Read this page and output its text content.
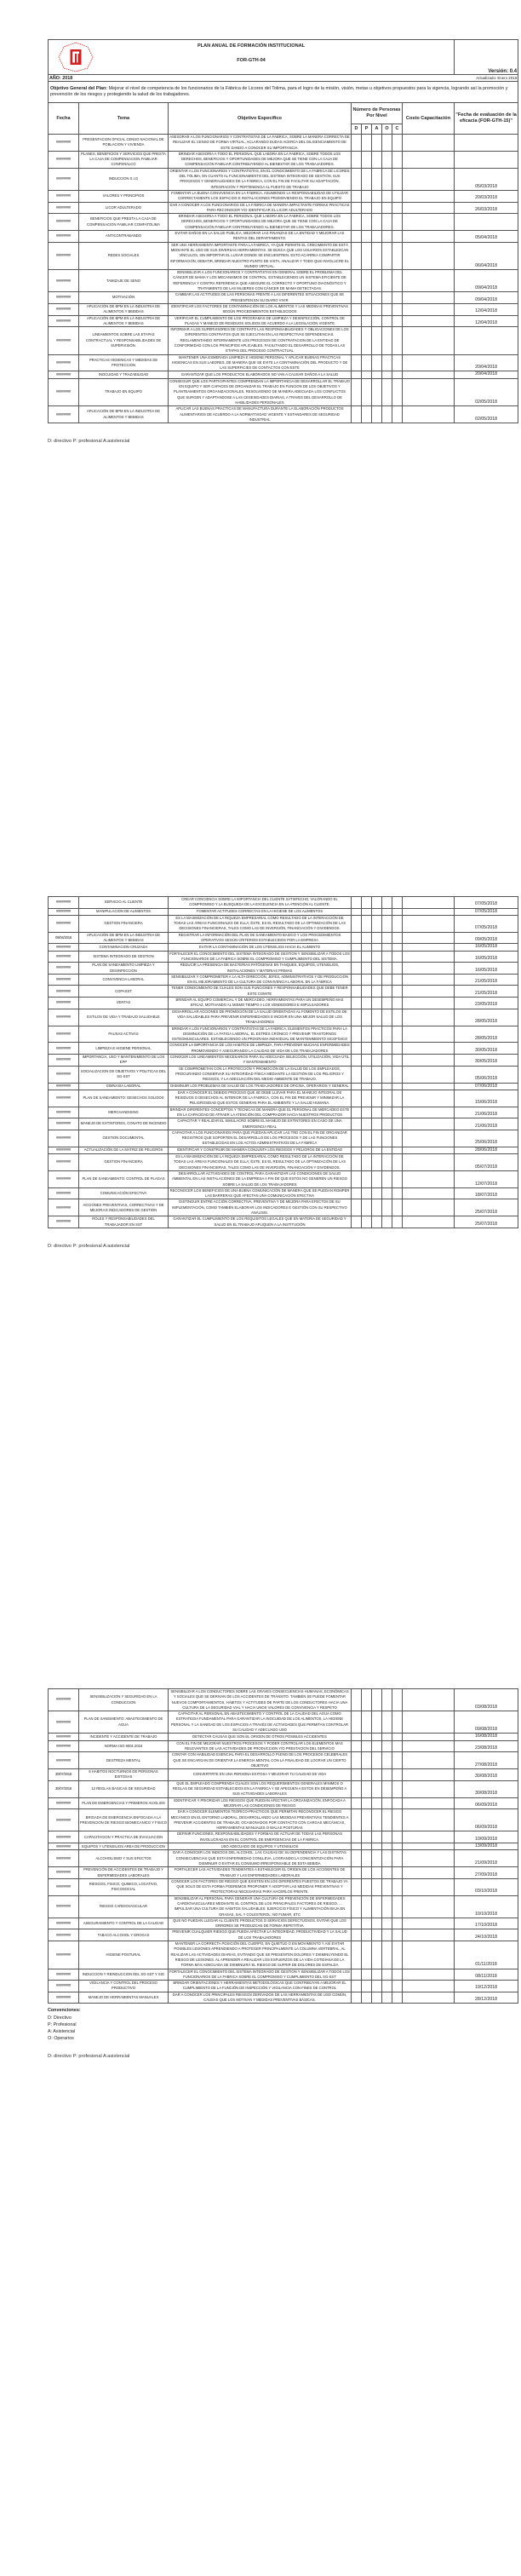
PLAN ANUAL DE FORMACIÓN INSTITUCIONAL
FOR-GTH-04									Versión: 0.4
AÑO: 2018 Actualizado: Enero 2018									

Objetivo General del Plan: Mejorar el nivel de competencia de los funcionarios de la Fábrica de Licores del Tolima, para el logro de la misión, visión, metas u objetivos propuestos para la vigencia, logrando así la promoción y prevención de los riesgos y protegiendo la salud de los trabajadores.									
Fecha	Tema	Objetivo Específico	Número de Personas Por Nivel					Costo Capacitación	"Fecha de evaluación de la eficacia (FOR-GTH-15)"
			D	P	A	O	C		
########	PRESENTACION OFICIAL CENSO NACIONAL DE POBLACION Y VIVIENDA	ASESORAR A LOS FUNCIONARIOS Y CONTRATISTAS DE LA FABRICA, SOBRE LA MANERA CORRECTA DE REALIZAR EL CENSO DE FORMA VIRTUAL, ACLARANDO DUDAS ACERCA DEL DILIGENCIAMIENTO DE ESTE DANDO A CONOCER SU IMPORTANCIA.							
########	PLANES, BENEFICIOS Y SERVICIOS QUE PRESTA LA CAJA DE COMPENSACION FAMILIAR CONFENALCO	BRINDAR ASESORIA A TODO EL PERSONAL QUE LABORA EN LA FABRICA, SOBRE TODOS LOS DERECHOS, BENEFICIOS Y OPORTUNIDADES DE MEJORA QUE SE TIENE CON LA CAJA DE COMPENSACIÓN FAMILIAR CONTRIBUYENDO AL BIENESTAR DE LOS TRABAJADORES.							
########	INDUCCION S.I.G	ORIENTAR A LOS FUNCIONARIOS Y CONTRATISTAS, EN EL CONOCIMIENTO DE LA FABRICA DE LICORES DEL TOLIMA, EN CUANTO AL FUNCIONAMIENTO DEL SISTEMA INTEGRADO DE GESTIÓN, SUS PROCESOS Y GENERALIDADES DE LA FÁBRICA, CON EL FIN DE FACILITAR SU ADAPTACIÓN, INTEGRACIÓN Y PERTENENCIA AL PUESTO DE TRABAJO							05/03/2018
########	VALORES Y PRINCIPIOS	FOMENTAR LA BUENA CONVIVENCIA EN LA FÁBRICA, ASUMIENDO LA RESPONSABILIDAD DE UTILIZAR CORRECTAMENTE LOS ESPACIOS E INSTALACIONES PROMOVIENDO EL TRABAJO EN EQUIPO							20/03/2018
########	LICOR ADULTERADO	DAR A CONOCER A LOS FUNCIONARIOS DE LA FÁBRICA DE MANERA IMPACTANTE FORMAS PRÁCTICAS PARA RECONOCER Y/O IDENTIFICAR EL LICOR ADULTERADO							26/03/2018
########	BENEFICIOS QUE PRESTA LA CAJA DE COMPENSACION FAMILIAR COMFATOLIMA	BRINDAR ASESORIA A TODO EL PERSONAL QUE LABORA EN LA FABRICA, SOBRE TODOS LOS DERECHOS, BENEFICIOS Y OPORTUNIDADES DE MEJORA QUE SE TIENE CON LA CAJA DE COMPENSACIÓN FAMILIAR CONTRIBUYENDO AL BIENESTAR DE LOS TRABAJADORES.							
########	ANTICONTRABANDO	EVITAR DAÑOS EN LA SALUD PUBLICA, MEJORAR LAS FINANZAS DE LA ENTIDAD Y MEJORAR LAS RENTAS DEL DEPARTAMENTO.							05/04/2018
########	REDES SOCIALES	SER UNA HERRAMIENTA IMPORTANTE PARA LA FABRICA, YA QUE PERMITE EL CRECIMIENTO DE ESTÁ MEDIANTE EL USO DE SUS DIVERSAS HERRAMIENTAS. SE BUSCA QUE LOS USUARIOS ESTABLEZCAN VÍNCULOS, SIN IMPORTAR EL LUGAR DONDE SE ENCUENTREN. ESTO ACARREA COMPARTIR INFORMACIÓN, DEBATIR, BRINDAR NUESTRO PUNTO DE VISTA, ANALIZAR Y TODO QUE INVOLUCRE EL MUNDO VIRTUAL.							06/04/2018
########	TAMIZAJE DE SENO	SENSIBILIZAR A LOS FUNCIONARIOS Y CONTRATISTAS EN GENERAL SOBRE EL PROBLEMA DEL CÁNCER DE MAMA Y LOS MECANISMOS DE CONTROL. ESTABLECIENDO UN SISTEMA EFICIENTE DE REFERENCIA Y CONTRA REFERENCIA QUE ASEGURE EL CORRECTO Y OPORTUNO DIAGNÓSTICO Y TRATAMIENTO DE LAS MUJERES CON CÁNCER DE MAMA DETECTADAS.							09/04/2018
########	MOTIVACIÓN	CAMBIAR LAS ACTITUDES DE LAS PERSONAS FRENTE A LAS DIFERENTES SITUACIONES QUE SE PRESENTEN EN SU DIARIO VIVIR							09/04/2018
########	APLICACIÓN DE BPM EN LA INDUSTRIA DE ALIMENTOS Y BEBIDAS	IDENTIFICAR LOS FACTORES DE CONTAMINACIÓN DE LOS ALIMENTOS Y LAS MEDIDAS PREVENTIVAS SEGÚN PROCEDIMIENTOS ESTABLECIDOS							12/04/2018
########	APLICACIÓN DE BPM EN LA INDUSTRIA DE ALIMENTOS Y BEBIDAS	VERIFICAR EL CUMPLIMIENTO DE LOS PROGRAMAS DE LIMPIEZA Y DESINFECCIÓN, CONTROL DE PLAGAS Y MANEJO DE RESIDUOS SOLIDOS DE ACUERDO A LA LEGISLACIÓN VIGENTE							12/04/2018
########	LINEAMIENTOS SOBRE LAS ETAPAS CONTRACTUAL Y RESPONSABILIDADES DE SUPERVISIÓN.	INFORMAR A LOS SUPERVISORES DE CONTRATO LAS RESPONSABILIDADES Y OBLIGACIONES DE LOS DIFERENTES CONTRATOS QUE SE EJECUTAN EN LAS RESPECTIVAS DEPENDENCIAS. REGLAMENTANDO INTERNAMENTE LOS PROCESOS DE CONTRATACION DE LA ENTIDAD DE CONFORMIDAD CON LOS PRINCIPIOS APLICABLES, FACILITANDO EL DESARROLLO DE TODAS LAS ETAPAS DEL PROCESO CONTRACTUAL							
########	PRACTICAS HIGIENICAS Y MEDIDAS DE PROTECCION	MANTENER UNA ESMERADA LIMPIEZA E HIGIENE PERSONAL Y APLICAR BUENAS PRACTICAS HIGIENICAS EN SUS LABORES, DE MANERA QUE SE EVITE LA CONTAMINACIÓN DEL PRODUCTO Y DE LAS SUPERFICIES DE CONTACTOS CON ESTE							20/04/2018
########	INOCUIDAD Y TRAZABILIDAD	GARANTIZAR QUE LOS PRODUCTOS ELABORADOS NO VAN A CAUSAR DAÑOS A LA SALUD							20/04/2018
########	TRABAJO EN EQUIPO	CONSEGUIR QUE LOS PARTICIPANTES COMPRENDAN LA IMPORTANCIA DE DESARROLLAR EL TRABAJO EN EQUIPO Y SER CAPACES DE ORGANIZAR EL TRABAJO EN FUNCION DE LOS OBJETIVOS Y PLANTEAMIENTOS ORGANIZACIONALES, RESOLVIENDO DE MANERA ADECUADA LOS CONFLICTOS QUE SURGEN Y ADAPTANDOSE A LAS CESESIDADES DIARIAS, A TRAVES DEL DESARROLLO DE HABILIDADES PERSONALES							02/05/2018
########	APLICACIÓN DE BPM EN LA INDUSTRIA DE ALIMENTOS Y BEBIDAS	APLICAR LAS BUENAS PRACTICAS DE MANUFACTURA DURANTE LA ELABORACIÓN PRODUCTOS ALIMENTARIOS DE ACUERDO A LA NORMATIVIDAD VIGENTE Y ESTANDARES DE SEGURIDAD INDUSTRIAL							02/05/2018
D: directivo P: profesional A:asistencial
########	SERVICIO AL CLIENTE	CREAR CONCIENCIA SOBRE LA IMPORTANCIA DEL CLIENTE SATISFECHO, VALORANDO EL COMPROMISO Y LA BUSQUEDA DE LA EXCELENCIA EN LA ATENCIÓN AL CLIENTE.							07/05/2018
########	MANIPULACION DE ALIMENTOS	FOMENTAR ACTITUDES CORRECTAS EN LA HIGIENE DE LOS ALIMENTOS							07/05/2018
########	GESTION FINANCIERA	ES LA MAXIMIZACIÓN DE LA RIQUEZA EMPRESARIAL COMO RESULTADO DE LA INTERACCIÓN DE TODAS LAS ÁREAS FUNCIONALES DE ELLA; ÉSTE, ES EL RESULTADO DE LA OPTIMIZACIÓN DE LAS DECISIONES FINANCIERAS, TALES COMO LAS DE INVERSIÓN, FINANCIACIÓN Y DIVIDENDOS.							07/05/2018
09/04/2018	APLICACIÓN DE BPM EN LA INDUSTRIA DE ALIMENTOS Y BEBIDAS	REGISTRAR LA INFORMACIÓN DEL PLAN DE SANEAMIENTO BASICO Y LOS PROCEDIMIENTOS OPERATIVOS SEGÚN CRITERIOS ESTABLECIDOS POR LA EMPRESA							09/05/2018
########	CONTAMINACION CRUZADA	EVITAR LA CONTAMINACIÓN DE LOS UTENSILIOS HACIA EL ALIMENTO							16/05/2018
########	SISTEMA INTEGRADO DE GESTION	FORTALECER EL CONOCIMIENTO DEL SISTEMA INTEGRADO DE GESTION Y SENSIBILIZAR A TODOS LOS FUNCIONARIOS DE LA FABRICA SOBRE EL COMPROMISO Y CUMPLIMIENTO DEL SISTEMA.							16/05/2018
########	PLAN DE SANEAMIENTO LIMPIEZA Y DESINFECCION	REDUCIR LA PRESENCIA DE BACTERIAS PATÓGENAS EN TANQUES, EQUIPOS, UTENSILIOS, INSTALACIONES Y MATERIAS PRIMAS							16/05/2018
########	CONVIVENCIA LABORAL	SENSIBILIZAR Y COMPROMETER A LA ALTA DIRECCIÓN, JEFES, ADMINISTRATIVOS Y DE PRODUCCION EN EL MEJORAMIENTO DE LA CULTURA DE CONVIVENCIA LABORAL EN LA FÁBRICA							21/05/2018
########	COPASST	TENER CONOCIMIENTO DE CUALES SON SUS FUNCIONES Y RESPONSABILIDADES QUE DEBE TENER ESTE COMITE							21/05/2018
########	VENTAS	BRINDAR AL EQUIPO COMERCIAL Y DE MERCADEO, HERRAMIENTAS PARA UN DESEMPEÑO MAS EFICAZ, MOTIVANDO AL MISMO TIEMPO A LOS VENDEDORES E IMPULSADORES							23/05/2018
########	ESTILOS DE VIDA Y TRABAJO SALUDABLE	DESARROLLAR ACCIONES DE PROMOCIÓN DE LA SALUD ORIENTADAS AL FOMENTO DE ESTILOS DE VIDA SALUDABLES PARA PREVENIR ENFERMEDADES E INCIDIR EN UNA MEJOR SALUD DE LOS TRABAJADORES							28/05/2018
########	PAUSAS ACTIVAS	BRINDAR A LOS FUNCIONARIOS Y CONTRATISTAS DE LA FABRICA, ELEMENTOS PRACTICOS PARA LA DISMINUCIÓN DE LA FATIGA LABORAL, EL ESTRÉS CRÓNICO Y PREVENIR TRASTORNOS OSTEOMUSCULARES. ESTABLECIENDO UN PROGRAMA INDIVIDUAL DE MANTENIMIENTO SICOFÍSICO							28/05/2018
########	LIMPIEZA E HIGIENE PERSONAL	CONOCER LA IMPORTANCIA DE LOS HABITOS DE LIMPIEZA, PARA PREVENIR MUCHAS ENFERMEDADES PROMOVIENDO Y ASEGURANDO LA CALIDAD DE VIDA DE LOS TRABAJADORES							30/05/2018
########	IMPORTANCIA, USO Y MANTENIMIENTO DE LOS EPP	CONOCER LOS LINEAMIENTOS NECESARIOS PARA SU ADECUADA SELECCIÓN, UTILIZACIÓN, VIDA ÚTIL Y MANTENIMIENTO							30/05/2018
########	SOCIALIZACION DE OBJETIVOS Y POLITICAS DEL SG-SST	SE COMPROMETAN CON LA PROTECCIÓN Y PROMOCIÓN DE LA SALUD DE LOS EMPLEADOS, PROCURANDO CONSERVAR SU INTEGRIDAD FÍSICA MEDIANTE LA GESTIÓN DE LOS PELIGROS Y RIESGOS, Y LA ADECUACIÓN DEL MEDIO AMBIENTE DE TRABAJO.							05/06/2018
########	GIMNASIA LABORAL	DISMINUIR LOS PROBLEMAS DE SALUD DE LOS TRABAJADORES DE OFICINA, OPERARIOS Y GENERAL							07/06/2018
########	PLAN DE SANEAMIENTO: DESECHOS SOLIDOS	DAR A CONOCER EL DEBIDO PROCESO QUE SE DEBE LLEVAR PARA EL MANEJO INTEGRAL DE RESIDUOS O DESECHOS AL INTERIOR DE LA FABRICA, CON EL FIN DE PREVENIR Y MINIMIZAR LA PELIGROSIDAD QUE ESTOS GENERAN PARA EL AMBIENTE Y LA SALUD HUMANA.							15/06/2018
########	MERCHANDISING	BRINDAR DIFERENTES CONCEPTOS Y TECNICAS DE MANERA QUE EL PERSONAL DE MERCADEO ESTE EN LA CAPACIDAD DE ATRAER LA ATENCIÓN DEL COMPRADOR HACIA NUESTROS PRODUCTOS							21/06/2018
########	MANEJO DE EXTINTORES, CONATO DE INCENDIO	CAPACITAR Y REALIZAR EL SIMULACRO SOBRE EL MANEJO DE EXTINTORES EN CASO DE UNA EMERGENCIA REAL							21/06/2018
########	GESTION DOCUMENTAL	CAPACITAR A LOS FUNCIONARIOS PARA QUE PUEDAN APLICAR LAS TRD CON EL FIN DE ORGANIZAR REGISTROS QUE SOPORTEN EL DESARROLLO DE LOS PROCESOS Y DE LAS FUNCIONES ESTABLECIDAS EN LOS ACTOS ADMINISTRATIVOS DE LA FÁBRICA							25/06/2018
########	ACTUALIZACIÓN DE LA MATRIZ DE PELIGROS	IDENTIFICAR Y CONSTRUIR DE MANERA CONJUNTA LOS RIESGOS Y PELIGROS DE LA ENTIDAD							28/06/2018
########	GESTION FINANCIERA	ES LA MAXIMIZACIÓN DE LA RIQUEZA EMPRESARIAL COMO RESULTADO DE LA INTERACCIÓN DE TODAS LAS ÁREAS FUNCIONALES DE ELLA; ÉSTE, ES EL RESULTADO DE LA OPTIMIZACIÓN DE LAS DECISIONES FINANCIERAS, TALES COMO LAS DE INVERSIÓN, FINANCIACIÓN Y DIVIDENDOS.							05/07/2018
########	PLAN DE SANEAMIENTO: CONTROL DE PLAGAS	DESARROLLAR ACTIVIDADES DE CONTROL PARA GARANTIZAR LAS CONDICIONES DE SALUD AMBIENTAL EN LAS INSTALACIONES DE LA EMPRESA A FIN DE QUE ESTOS NO GENEREN UN RIESGO SOBRE LA SALUD DE LOS TRABAJADORES							12/07/2018
########	COMUNICACIÓN EFECTIVA	RECONOCER LOS BENEFICIOS DE UNA BUENA COMUNICACIÓN DE MANERA QUE SE PUEDAN ROMPER LAS BARRERAS QUE AFECTAN UNA COMUNICACIÓN EFECTIVA							18/07/2018
########	ACCIONES PREVENTIVAS, CORRECTIVAS Y DE MEJORA E INDICADORES DE GESTION	DISTINGUIR ENTRE ACCIÓN CORRECTIVA, PREVENTIVA Y DE MEJORA PARA EFECTOS DE SU IMPLEMENTACIÓN, COMO TAMBIÉN ELABORAR LOS INDICADORES E GESTIÓN CON SU RESPECTIVO ANÁLISIS.							25/07/2018
########	ROLES Y RESPONSABILIDADES DEL TRABAJADOR EN SST	GARANTIZAR EL CUMPLIMIENTO DE LOS REQUISITOS LEGALES QUE EN MATERIA DE SEGURIDAD Y SALUD EN EL TRABAJO APLIQUEN A LA INSTITUCIÓN							25/07/2018
D: directivo P: profesional A:asistencial
########	SENSIBILIZACION Y SEGURIDAD EN LA CONDUCCION	SENSIBILIZAR A LOS CONDUCTORES SOBRE LAS GRAVES CONSECUENCIAS HUMANAS, ECONÓMICAS Y SOCIALES QUE SE DERIVAN DE LOS ACCIDENTES DE TRÁNSITO. TAMBIÉN SE PUEDE FOMENTAR NUEVOS COMPORTAMIENTOS, HÁBITOS Y ACTITUDES DE PARTE DE LOS CONDUCTORES HACIA UNA CULTURA DE LA SEGURIDAD VIAL Y HACIA UNOS VALORES DE CONVIVENCIA Y RESPETO							03/08/2018
########	PLAN DE SANEMIENTO: ABASTECIMIENTO DE AGUA	CAPACITAR AL PERSONAL EN ABASTECIMIENTO Y CONTROL DE LA CALIDAD DEL AGUA COMO ESTRATEGIA FUNDAMENTAL PARA GARANTIZAR LA INOCUIDAD DE LOS ALIMENTOS, LA HIGIENE PERSONAL Y LA SANIDAD DE LOS ESPACIOS A TRAVÉS DE ACTIVIDADES QUE PERMITAN CONTROLAR SU CALIDAD Y ADECUADO USO							09/08/2018
########	INCIDENTE Y ACCIDENTE DE TRABAJO	DETECTAR CAUSAS QUE SON EL ORIGEN DE OTROS POSIBLES ACCIDENTES							16/08/2018
########	NORMA ISO 9001:2015	CON EL FIN DE MEJORAR NUESTROS PROCESOS Y PODER CONTROLAR LOS ELEMENTOS MAS RELEVANTES DE LAS ACTIVIDADES DE PRODUCCION Y/O PRESTACION DEL SERVICIO							23/08/2018
########	DESTREZA MENTAL	CONTAR CON HABILIDAD ESENCIAL PARA EL DESARROLLO PLENO DE LOS PROCESOS CELEBRALES QUE SE ENCARGAN DE ORIENTAR LA ENERGIA MENTAL CON LA FINALIDAD DE LOGRAR UN CIERTO OBJETIVO							27/08/2018
30/07/2018	6 HABITOS NOCTURNOS DE PERSONAS EXITOSAS	CONVERTIRTE EN UNA PERSONA EXITOSA Y MEJORAR TU CALIDAD DE VIDA							30/08/2018
30/07/2018	12 REGLAS BASICAS DE SEGURIDAD	QUE EL EMPLEADO COMPRENDA CUALES SON LOS REQUERIMIENTOS GENERALES MINIMOS O REGLAS DE SEGURIDAD ESTABLECIDOS EN LA FABRICA Y SE APEGUEN A ESTOS EN DESEMPEÑO A SUS ACTIVIDADES LABORALES							30/08/2018
########	PLAN DE EMERGENCIAS Y PRIMEROS AUXILIOS	IDENTIFICAR Y PRIORIZAR LOS RIESGOS QUE PUEDAN AFECTAR LA ORGANIZACIÓN, ENFOCADA A MEJORAR LAS CONDICIONES DE RIESGO							06/09/2018
########	BRIGADA DE EMERGENCIA ENFOCADA A LA PREVENCION DE RIESGO BIOMECANICO Y FISICO	DAR A CONOCER ELEMENTOS TEORICO-PRACTICOS QUE PERMITAN RECONOCER EL RIESGO MECÁNICO EN EL ENTORNO LABORAL, DESARROLLANDO LAS MEDIDAS PREVENTIVAS TENDIENTES A PREVENIR ACCIDENTES DE TRABAJO, OCASIONADOS POR CONTACTO CON CARGAS MECÁNICAS, HERRAMIENTAS MANUALES O MALAS POSTURAS							06/09/2018
########	CAPACITACION Y PRACTICA DE EVACUACION	DEFINIR FUNCIONES, RESPONSABILIDADES Y FORMAS DE ACTUAR DE TODAS LAS PERSONAS INVOLUCRADAS EN EL CONTROL DE EMERGENCIAS DE LA FÁBRICA.							10/09/2018
########	EQUIPOS Y UTENSILIOS AREA DE PRODUCCION	USO ADECUADO DE EQUIPOS Y UTENSILIOS							13/09/2018
########	ALCOHOLISMO Y SUS EFECTOS	DAR A CONOCER LOS INDICIOS DEL ALCOHOL, LAS CAUSAS DE SU DEPENDENCIA Y LAS DISTINTAS CONSECUENCIAS QUE ESTA ENFERMEDAD CONLLEVA, LOGRANDO LA CONCIENTIZACIÓN PARA DISMINUIR O EVITAR EL CONSUMO IRRESPONSABLE DE ESTA BEBIDA							21/09/2018
########	PREVENCIÓN DE ACCIDENTES DE TRABAJO Y ENFERMEDADES LABORALES	FORTALECER LAS ACTIVIDADES TENDIENTES A ESTABLECER EL ORIGEN DE LOS ACCIDENTES DE TRABAJO Y LAS ENFERMEDADES LABORALES							27/09/2018
########	RIESGOS, FISICO, QUIMICO, LOCATIVO, PSICOSOCIAL	CONOCER LOS FACTORES DE RIESGO QUE EXISTEN EN LOS DIFERENTES PUESTOS DE TRABAJO YA QUE SOLO DE ESTA FORMA PODREMOS PROPONER Y ADOPTAR LAS MEDIDAS PREVENTIVAS Y PROTECTORAS NECESARIAS PARA HACERLOS FRENTE.							03/10/2018
########	RIESGO CARDIOVASCULAR	SENSIBILIZAR AL PERSONAL PARA GENERAR UNA CULTURA DE PREVENCIÓN DE ENFERMEDADES CARDIOVASCULARES MEDIANTE EL CONTROL DE LOS PRINCIPALES FACTORES DE RIESGO. ... IMPULSAR UNA CULTURA DE HÁBITOS SALUDABLES: EJERCICIO FÍSICO Y ALIMENTACIÓN BAJA EN GRASAS, SAL Y COLESTEROL; NO FUMAR, ETC							10/10/2018
########	ASEGURAMIENTO Y CONTROL DE LA CALIDAD	QUE NO PUEDAN LLEGAR AL CLIENTE PRODUCTOS O SERVICIOS DEFECTUOSOS. EVITAR QUE LOS ERRORES SE PRODUZCAN DE FORMA REPETITIVA							17/10/2018
########	TABACO ALCOHOL Y DROGAS	PREVENIR CUALQUIER RIESGO QUE PUEDA AFECTAR LA INTEGRIDAD, PRODUCTIVIDAD Y LA SALUD DE LOS TRABAJADORES							24/10/2018
########	HIGIENE POSTURAL	MANTENER LA CORRECTA POSICIÓN DEL CUERPO, EN QUIETUD O EN MOVIMIENTO Y ASÍ EVITAR POSIBLES LESIONES APRENDIENDO A PROTEGER PRINCIPALMENTE LA COLUMNA VERTEBRAL, AL REALIZAR LAS ACTIVIDADES DIARIAS, EVITANDO QUE SE PRESENTEN DOLORES Y DISMINUYENDO EL RIESGO DE LESIONES. AL APRENDER A REALIZAR LOS ESFUERZOS DE LA VIDA COTIDIANA DE LA FORMA MÁS ADECUADA SE DISMINUIRÁ EL RIESGO DE SUFRIR DE DOLORES DE ESPALDA							01/11/2018
########	INDUCCION Y REINDUCCION DEL SG-SST Y SIG	FORTALECER EL CONOCIMIENTO DEL SISTEMA INTEGRADO DE GESTION Y SENSIBILIZAR A TODOS LOS FUNCIONARIOS DE LA FABRICA SOBRE EL COMPROMISO Y CUMPLIMIENTO DEL SG-SST							08/11/2018
########	VIGILANCIA Y CONTROL DEL PROCESO PRODUCTIVO	BRINDAR ORIENTACIONES Y HERRAMIENTAS METODOLÓGICAS QUE CONTRIBUYAN A MEJORAR EL CUMPLIMIENTO DE LA FUNCIÓN DE INSPECCIÓN Y VIGILANCIA CON FINES DE CONTROL							19/12/2018
########	MANEJO DE HERRAMIENTAS MANUALES	DAR A CONOCER LOS PRINCIPALES RIESGOS DERIVADOS DE LAS HERRAMIENTAS DE USO COMÚN, CAUSAS QUE LOS MOTIVAN Y MEDIDAS PREVENTIVAS BÁSICAS.							28/12/2018
Convenciones:
D: Directivo
P: Profesional
A: Asistencial
O: Operarios
D: directivo P: profesional A:asistencial
